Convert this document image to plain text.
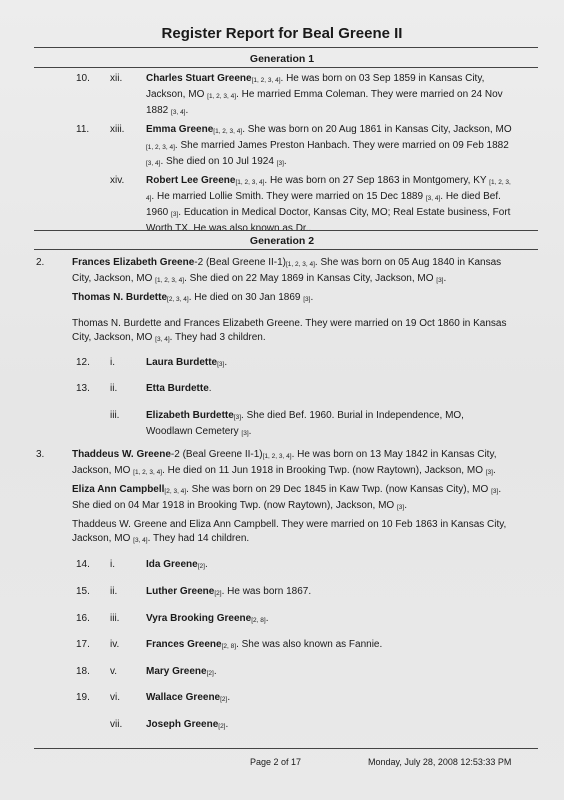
Register Report for Beal Greene II
Generation 1
10. xii. Charles Stuart Greene$_{[1, 2, 3, 4]}$. He was born on 03 Sep 1859 in Kansas City, Jackson, MO $_{[1, 2, 3, 4]}$. He married Emma Coleman. They were married on 24 Nov 1882 $_{[3, 4]}$.
11. xiii. Emma Greene$_{[1, 2, 3, 4]}$. She was born on 20 Aug 1861 in Kansas City, Jackson, MO $_{[1, 2, 3, 4]}$. She married James Preston Hanbach. They were married on 09 Feb 1882 $_{[3, 4]}$. She died on 10 Jul 1924 $_{[3]}$.
xiv. Robert Lee Greene$_{[1, 2, 3, 4]}$. He was born on 27 Sep 1863 in Montgomery, KY $_{[1, 2, 3, 4]}$. He married Lollie Smith. They were married on 15 Dec 1889 $_{[3, 4]}$. He died Bef. 1960 $_{[3]}$. Education in Medical Doctor, Kansas City, MO; Real Estate business, Fort Worth TX. He was also known as Dr..
Generation 2
2.	Frances Elizabeth Greene-2 (Beal Greene $II-1)_{[1, 2, 3, 4]}$. She was born on 05 Aug 1840 in Kansas City, Jackson, MO $_{[1, 2, 3, 4]}$. She died on 22 May 1869 in Kansas City, Jackson, MO $_{[3]}$.
Thomas N. Burdette$_{[2, 3, 4]}$. He died on 30 Jan 1869 $_{[3]}$.
Thomas N. Burdette and Frances Elizabeth Greene. They were married on 19 Oct 1860 in Kansas City, Jackson, MO $_{[3, 4]}$. They had 3 children.
12. i.	Laura Burdette$_{[3]}$.
13. ii.	Etta Burdette.
iii.	Elizabeth Burdette$_{[3]}$. She died Bef. 1960. Burial in Independence, MO, Woodlawn Cemetery $_{[3]}$.
3.	Thaddeus W. Greene-2 (Beal Greene $II-1)_{[1, 2, 3, 4]}$. He was born on 13 May 1842 in Kansas City, Jackson, MO $_{[1, 2, 3, 4]}$. He died on 11 Jun 1918 in Brooking Twp. (now Raytown), Jackson, MO $_{[3]}$.
Eliza Ann Campbell$_{[2, 3, 4]}$. She was born on 29 Dec 1845 in Kaw Twp. (now Kansas City), MO $_{[3]}$. She died on 04 Mar 1918 in Brooking Twp. (now Raytown), Jackson, MO $_{[3]}$.
Thaddeus W. Greene and Eliza Ann Campbell. They were married on 10 Feb 1863 in Kansas City, Jackson, MO $_{[3, 4]}$. They had 14 children.
14. i.	Ida Greene$_{[2]}$.
15. ii.	Luther Greene$_{[2]}$. He was born 1867.
16. iii.	Vyra Brooking Greene$_{[2, 8]}$.
17. iv.	Frances Greene$_{[2, 8]}$. She was also known as Fannie.
18. v.	Mary Greene$_{[2]}$.
19. vi.	Wallace Greene$_{[2]}$.
vii. Joseph Greene$_{[2]}$.
Page 2 of 17	Monday, July 28, 2008 12:53:33 PM
